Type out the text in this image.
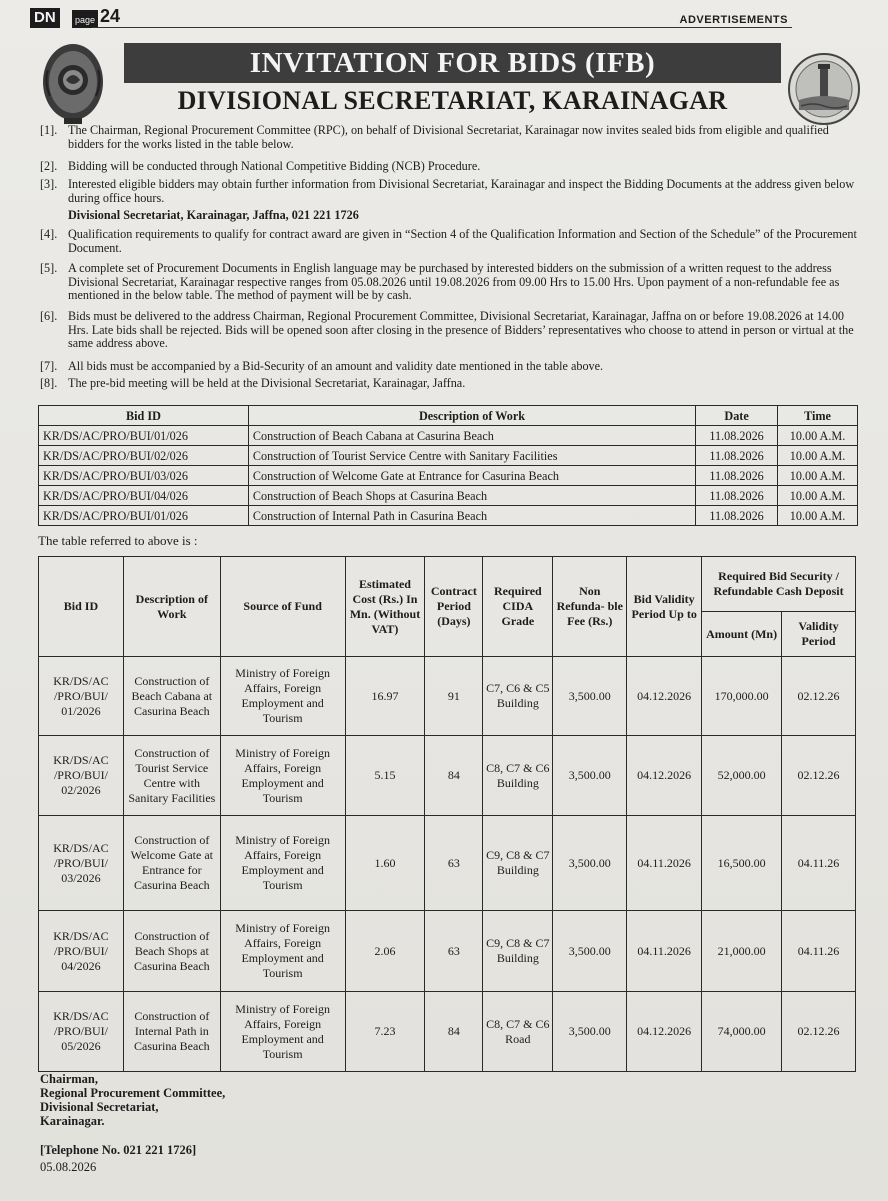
DN	page 24	ADVERTISEMENTS
INVITATION FOR BIDS (IFB)
DIVISIONAL SECRETARIAT, KARAINAGAR
[1]. The Chairman, Regional Procurement Committee (RPC), on behalf of Divisional Secretariat, Karainagar now invites sealed bids from eligible and qualified bidders for the works listed in the table below.
[2]. Bidding will be conducted through National Competitive Bidding (NCB) Procedure.
[3]. Interested eligible bidders may obtain further information from Divisional Secretariat, Karainagar and inspect the Bidding Documents at the address given below during office hours.
Divisional Secretariat, Karainagar, Jaffna, 021 221 1726
[4]. Qualification requirements to qualify for contract award are given in “Section 4 of the Qualification Information and Section of the Schedule” of the Procurement Document.
[5]. A complete set of Procurement Documents in English language may be purchased by interested bidders on the submission of a written request to the address Divisional Secretariat, Karainagar respective ranges from 05.08.2026 until 19.08.2026 from 09.00 Hrs to 15.00 Hrs. Upon payment of a non-refundable fee as mentioned in the below table. The method of payment will be by cash.
[6]. Bids must be delivered to the address Chairman, Regional Procurement Committee, Divisional Secretariat, Karainagar, Jaffna on or before 19.08.2026 at 14.00 Hrs. Late bids shall be rejected. Bids will be opened soon after closing in the presence of Bidders’ representatives who choose to attend in person or virtual at the same address above.
[7]. All bids must be accompanied by a Bid-Security of an amount and validity date mentioned in the table above.
[8]. The pre-bid meeting will be held at the Divisional Secretariat, Karainagar, Jaffna.
Bid ID	Description of Work	Date	Time
KR/DS/AC/PRO/BUI/01/026	Construction of Beach Cabana at Casurina Beach	11.08.2026	10.00 A.M.
KR/DS/AC/PRO/BUI/02/026	Construction of Tourist Service Centre with Sanitary Facilities	11.08.2026	10.00 A.M.
KR/DS/AC/PRO/BUI/03/026	Construction of Welcome Gate at Entrance for Casurina Beach	11.08.2026	10.00 A.M.
KR/DS/AC/PRO/BUI/04/026	Construction of Beach Shops at Casurina Beach	11.08.2026	10.00 A.M.
KR/DS/AC/PRO/BUI/01/026	Construction of Internal Path in Casurina Beach	11.08.2026	10.00 A.M.
The table referred to above is :
Bid ID	Description of Work	Source of Fund	Estimated Cost (Rs.) In Mn. (Without VAT)	Contract Period (Days)	Required CIDA Grade	Non Refunda- ble Fee (Rs.)	Bid Validity Period Up to	Required Bid Security / Refundable Cash Deposit	
								Amount (Mn)	Validity Period
KR/DS/AC /PRO/BUI/ 01/2026	Construction of Beach Cabana at Casurina Beach	Ministry of Foreign Affairs, Foreign Employment and Tourism	16.97	91	C7, C6 & C5 Building	3,500.00	04.12.2026	170,000.00	02.12.26
KR/DS/AC /PRO/BUI/ 02/2026	Construction of Tourist Service Centre with Sanitary Facilities	Ministry of Foreign Affairs, Foreign Employment and Tourism	5.15	84	C8, C7 & C6 Building	3,500.00	04.12.2026	52,000.00	02.12.26
KR/DS/AC /PRO/BUI/ 03/2026	Construction of Welcome Gate at Entrance for Casurina Beach	Ministry of Foreign Affairs, Foreign Employment and Tourism	1.60	63	C9, C8 & C7 Building	3,500.00	04.11.2026	16,500.00	04.11.26
KR/DS/AC /PRO/BUI/ 04/2026	Construction of Beach Shops at Casurina Beach	Ministry of Foreign Affairs, Foreign Employment and Tourism	2.06	63	C9, C8 & C7 Building	3,500.00	04.11.2026	21,000.00	04.11.26
KR/DS/AC /PRO/BUI/ 05/2026	Construction of Internal Path in Casurina Beach	Ministry of Foreign Affairs, Foreign Employment and Tourism	7.23	84	C8, C7 & C6 Road	3,500.00	04.12.2026	74,000.00	02.12.26
Chairman,
Regional Procurement Committee,
Divisional Secretariat,
Karainagar.
[Telephone No. 021 221 1726]
05.08.2026
